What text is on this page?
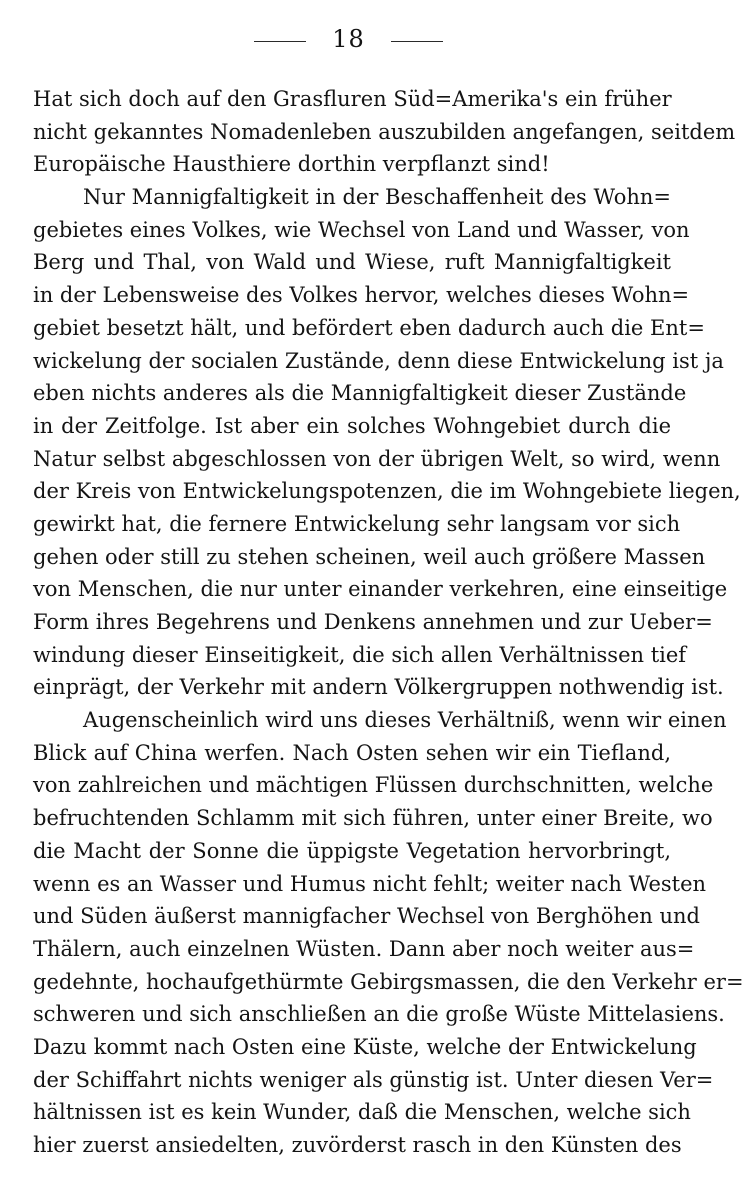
18
Hat sich doch auf den Grasfluren Süd=Amerika's ein früher
nicht gekanntes Nomadenleben auszubilden angefangen, seitdem
Europäische Hausthiere dorthin verpflanzt sind!
Nur Mannigfaltigkeit in der Beschaffenheit des Wohn=
gebietes eines Volkes, wie Wechsel von Land und Wasser, von
Berg und Thal, von Wald und Wiese, ruft Mannigfaltigkeit
in der Lebensweise des Volkes hervor, welches dieses Wohn=
gebiet besetzt hält, und befördert eben dadurch auch die Ent=
wickelung der socialen Zustände, denn diese Entwickelung ist ja
eben nichts anderes als die Mannigfaltigkeit dieser Zustände
in der Zeitfolge. Ist aber ein solches Wohngebiet durch die
Natur selbst abgeschlossen von der übrigen Welt, so wird, wenn
der Kreis von Entwickelungspotenzen, die im Wohngebiete liegen,
gewirkt hat, die fernere Entwickelung sehr langsam vor sich
gehen oder still zu stehen scheinen, weil auch größere Massen
von Menschen, die nur unter einander verkehren, eine einseitige
Form ihres Begehrens und Denkens annehmen und zur Ueber=
windung dieser Einseitigkeit, die sich allen Verhältnissen tief
einprägt, der Verkehr mit andern Völkergruppen nothwendig ist.
Augenscheinlich wird uns dieses Verhältniß, wenn wir einen
Blick auf China werfen. Nach Osten sehen wir ein Tiefland,
von zahlreichen und mächtigen Flüssen durchschnitten, welche
befruchtenden Schlamm mit sich führen, unter einer Breite, wo
die Macht der Sonne die üppigste Vegetation hervorbringt,
wenn es an Wasser und Humus nicht fehlt; weiter nach Westen
und Süden äußerst mannigfacher Wechsel von Berghöhen und
Thälern, auch einzelnen Wüsten. Dann aber noch weiter aus=
gedehnte, hochaufgethürmte Gebirgsmassen, die den Verkehr er=
schweren und sich anschließen an die große Wüste Mittelasiens.
Dazu kommt nach Osten eine Küste, welche der Entwickelung
der Schiffahrt nichts weniger als günstig ist. Unter diesen Ver=
hältnissen ist es kein Wunder, daß die Menschen, welche sich
hier zuerst ansiedelten, zuvörderst rasch in den Künsten des
